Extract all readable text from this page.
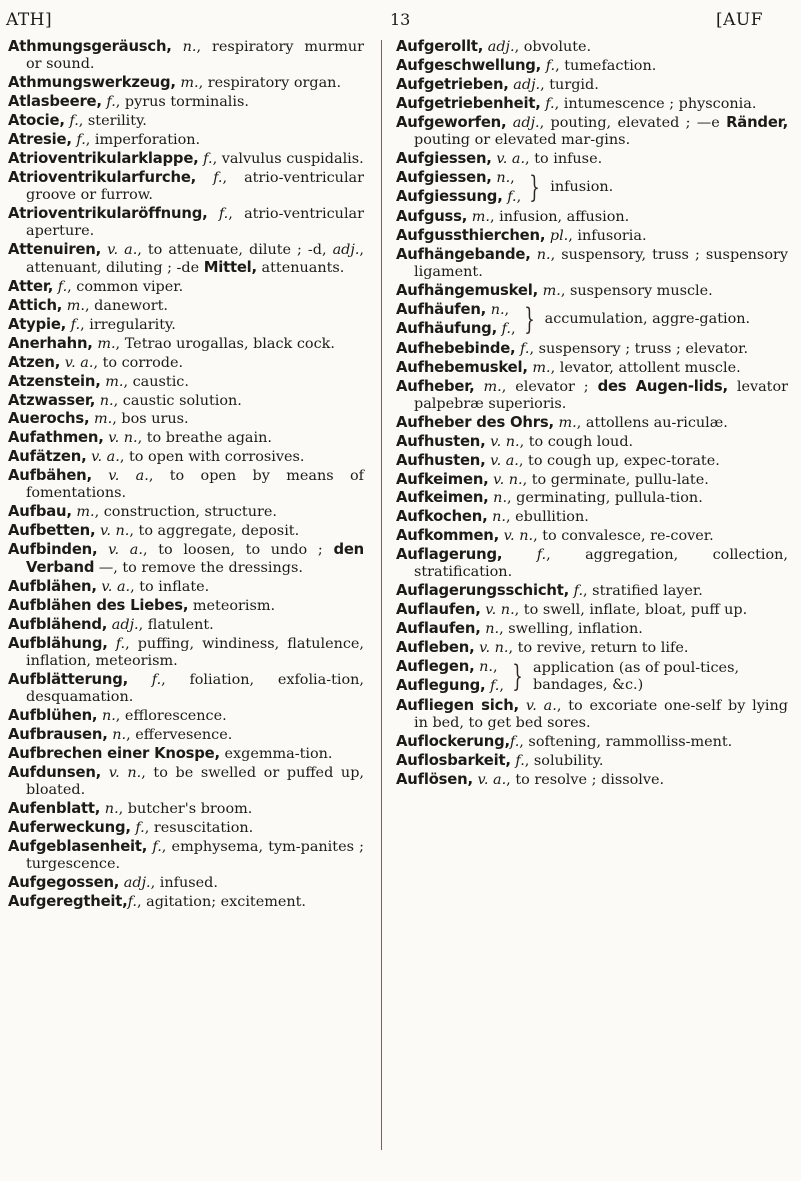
ATH]	13	[AUF
Athmungsgeräusch, n., respiratory murmur or sound.
Athmungswerkzeug, m., respiratory organ.
Atlasbeere, f., pyrus torminalis.
Atocie, f., sterility.
Atresie, f., imperforation.
Atrioventrikularklappe, f., valvulus cuspidalis.
Atrioventrikularfurche, f., atrio-ventricular groove or furrow.
Atrioventrikularöffnung, f., atrio-ventricular aperture.
Attenuiren, v. a., to attenuate, dilute ; -d, adj., attenuant, diluting ; -de Mittel, attenuants.
Atter, f., common viper.
Attich, m., danewort.
Atypie, f., irregularity.
Anerhahn, m., Tetrao urogallas, black cock.
Atzen, v. a., to corrode.
Atzenstein, m., caustic.
Atzwasser, n., caustic solution.
Auerochs, m., bos urus.
Aufathmen, v. n., to breathe again.
Aufätzen, v. a., to open with corrosives.
Aufbähen, v. a., to open by means of fomentations.
Aufbau, m., construction, structure.
Aufbetten, v. n., to aggregate, deposit.
Aufbinden, v. a., to loosen, to undo ; den Verband —, to remove the dressings.
Aufblähen, v. a., to inflate.
Aufblähen des Liebes, meteorism.
Aufblähend, adj., flatulent.
Aufblähung, f., puffing, windiness, flatulence, inflation, meteorism.
Aufblätterung, f., foliation, exfolia-tion, desquamation.
Aufblühen, n., efflorescence.
Aufbrausen, n., effervesence.
Aufbrechen einer Knospe, exgemma-tion.
Aufdunsen, v. n., to be swelled or puffed up, bloated.
Aufenblatt, n., butcher's broom.
Auferweckung, f., resuscitation.
Aufgeblasenheit, f., emphysema, tym-panites ; turgescence.
Aufgegossen, adj., infused.
Aufgeregtheit,f., agitation; excitement.
Aufgerollt, adj., obvolute.
Aufgeschwellung, f., tumefaction.
Aufgetrieben, adj., turgid.
Aufgetriebenheit, f., intumescence ; physconia.
Aufgeworfen, adj., pouting, elevated ; —e Ränder, pouting or elevated mar-gins.
Aufgiessen, v. a., to infuse.
Aufgiessen, n.,
Aufgiessung, f., } infusion.
Aufguss, m., infusion, affusion.
Aufgussthierchen, pl., infusoria.
Aufhängebande, n., suspensory, truss ; suspensory ligament.
Aufhängemuskel, m., suspensory muscle.
Aufhäufen, n.,
Aufhäufung, f., } accumulation, aggre-gation.
Aufhebebinde, f., suspensory ; truss ; elevator.
Aufhebemuskel, m., levator, attollent muscle.
Aufheber, m., elevator ; des Augen-lids, levator palpebræ superioris.
Aufheber des Ohrs, m., attollens au-riculæ.
Aufhusten, v. n., to cough loud.
Aufhusten, v. a., to cough up, expec-torate.
Aufkeimen, v. n., to germinate, pullu-late.
Aufkeimen, n., germinating, pullula-tion.
Aufkochen, n., ebullition.
Aufkommen, v. n., to convalesce, re-cover.
Auflagerung, f., aggregation, collection, stratification.
Auflagerungsschicht, f., stratified layer.
Auflaufen, v. n., to swell, inflate, bloat, puff up.
Auflaufen, n., swelling, inflation.
Aufleben, v. n., to revive, return to life.
Auflegen, n.,
Auflegung, f., } application (as of poul-tices, bandages, &c.)
Aufliegen sich, v. a., to excoriate one-self by lying in bed, to get bed sores.
Auflockerung,f., softening, rammolliss-ment.
Auflosbarkeit, f., solubility.
Auflösen, v. a., to resolve ; dissolve.
